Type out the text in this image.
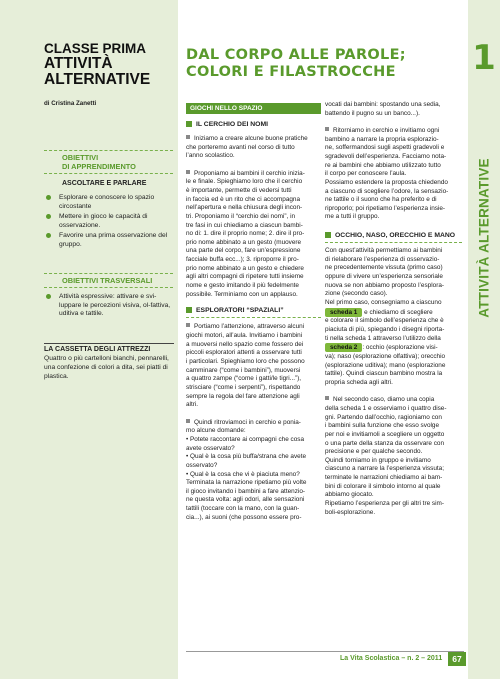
CLASSE PRIMA
ATTIVITÀ
ALTERNATIVE
di Cristina Zanetti
OBIETTIVI
DI APPRENDIMENTO
ASCOLTARE E PARLARE
Esplorare e conoscere lo spazio circostante
Mettere in gioco le capacità di osservazione.
Favorire una prima osservazione del gruppo.
OBIETTIVI TRASVERSALI
Attività espressive: attivare e svi-luppare le percezioni visiva, ol-fattiva, uditiva e tattile.
LA CASSETTA DEGLI ATTREZZI
Quattro o più cartelloni bianchi, pennarelli, una confezione di colori a dita, sei piatti di plastica.
DAL CORPO ALLE PAROLE;
COLORI E FILASTROCCHE	1
ATTIVITÀ ALTERNATIVE
GIOCHI NELLO SPAZIO
IL CERCHIO DEI NOMI

Iniziamo a creare alcune buone pratiche

che porteremo avanti nel corso di tutto

l’anno scolastico.

Proponiamo ai bambini il cerchio inizia-

le e finale. Spieghiamo loro che il cerchio

è importante, permette di vedersi tutti

in faccia ed è un rito che ci accompagna

nell’apertura e nella chiusura degli incon-

tri. Proponiamo il “cerchio dei nomi”, in

tre fasi in cui chiediamo a ciascun bambi-

no di: 1. dire il proprio nome; 2. dire il pro-

prio nome abbinato a un gesto (muovere

una parte del corpo, fare un’espressione

facciale buffa ecc...); 3. riproporre il pro-

prio nome abbinato a un gesto e chiedere

agli altri compagni di ripetere tutti insieme

nome e gesto imitando il più fedelmente

possibile. Terminiamo con un applauso.

ESPLORATORI “SPAZIALI”

Portiamo l’attenzione, attraverso alcuni

giochi motori, all’aula. Invitiamo i bambini

a muoversi nello spazio come fossero dei

piccoli esploratori attenti a osservare tutti

i particolari. Spieghiamo loro che possono

camminare (“come i bambini”), muoversi

a quattro zampe (“come i gatti/le tigri...”),

strisciare (“come i serpenti”), rispettando

sempre la regola del fare attenzione agli

altri.

Quindi ritroviamoci in cerchio e ponia-

mo alcune domande:

• Potete raccontare ai compagni che cosa

avete osservato?

• Qual è la cosa più buffa/strana che avete

osservato?

• Qual è la cosa che vi è piaciuta meno?

Terminata la narrazione ripetiamo più volte

il gioco invitando i bambini a fare attenzio-

ne questa volta: agli odori, alle sensazioni

tattili (toccare con la mano, con la guan-

cia...), ai suoni (che possono essere pro-

vocati dai bambini: spostando una sedia,

battendo il pugno su un banco...).

Ritorniamo in cerchio e invitiamo ogni

bambino a narrare la propria esplorazio-

ne, soffermandosi sugli aspetti gradevoli e

sgradevoli dell’esperienza. Facciamo nota-

re ai bambini che abbiamo utilizzato tutto

il corpo per conoscere l’aula.

Possiamo estendere la proposta chiedendo

a ciascuno di scegliere l’odore, la sensazio-

ne tattile o il suono che ha preferito e di

riproporlo; poi ripetiamo l’esperienza insie-

me a tutti il gruppo.

OCCHIO, NASO, ORECCHIO E MANO

Con quest’attività permettiamo ai bambini

di rielaborare l’esperienza di osservazio-

ne precedentemente vissuta (primo caso)

oppure di vivere un’esperienza sensoriale

nuova se non abbiamo proposto l’esplora-

zione (secondo caso).

Nel primo caso, consegniamo a ciascuno

scheda 1 e chiediamo di scegliere

e colorare il simbolo dell’esperienza che è

piaciuta di più, spiegando i disegni riporta-

ti nella scheda 1 attraverso l’utilizzo della

scheda 2 : occhio (esplorazione visi-

va); naso (esplorazione olfattiva); orecchio

(esplorazione uditiva); mano (esplorazione

tattile). Quindi ciascun bambino mostra la

propria scheda agli altri.

Nel secondo caso, diamo una copia

della scheda 1 e osserviamo i quattro dise-

gni. Partendo dall’occhio, ragioniamo con

i bambini sulla funzione che esso svolge

per noi e invitiamoli a scegliere un oggetto

o una parte della stanza da osservare con

precisione e per qualche secondo.

Quindi torniamo in gruppo e invitiamo

ciascuno a narrare la l’esperienza vissuta;

terminate le narrazioni chiediamo ai bam-

bini di colorare il simbolo intorno al quale

abbiamo giocato.

Ripetiamo l’esperienza per gli altri tre sim-

boli-esplorazione.

La Vita Scolastica – n. 2 – 2011	67
